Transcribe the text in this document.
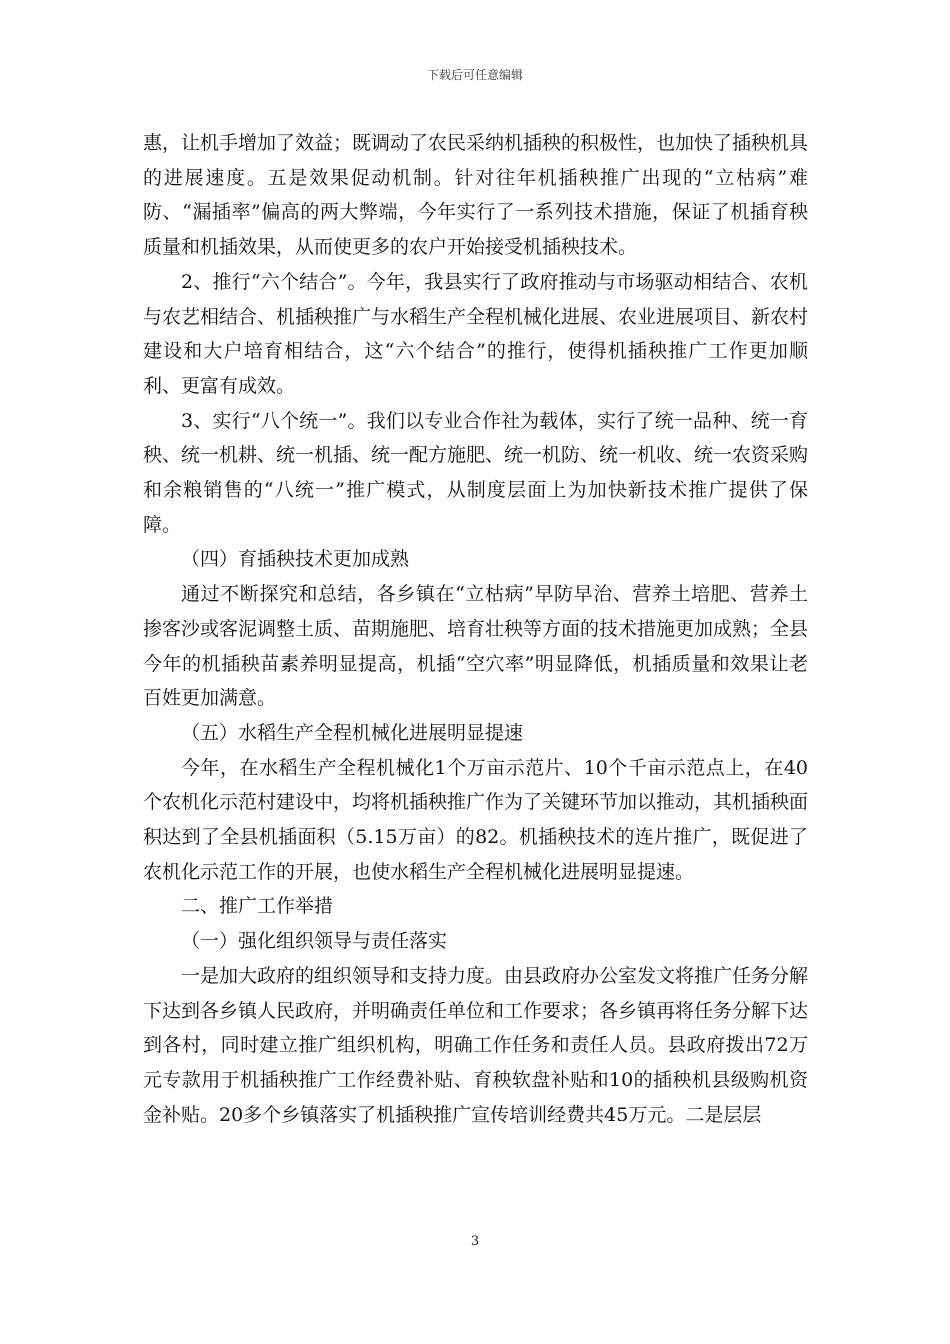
下载后可任意编辑

惠，让机手增加了效益；既调动了农民采纳机插秧的积极性，也加快了插秧机具的进展速度。五是效果促动机制。针对往年机插秧推广出现的“立枯病”难防、“漏插率”偏高的两大弊端，今年实行了一系列技术措施，保证了机插育秧质量和机插效果，从而使更多的农户开始接受机插秧技术。

2、推行“六个结合”。今年，我县实行了政府推动与市场驱动相结合、农机与农艺相结合、机插秧推广与水稻生产全程机械化进展、农业进展项目、新农村建设和大户培育相结合，这“六个结合”的推行，使得机插秧推广工作更加顺利、更富有成效。

3、实行“八个统一”。我们以专业合作社为载体，实行了统一品种、统一育秧、统一机耕、统一机插、统一配方施肥、统一机防、统一机收、统一农资采购和余粮销售的“八统一”推广模式，从制度层面上为加快新技术推广提供了保障。

（四）育插秧技术更加成熟

通过不断探究和总结，各乡镇在“立枯病”早防早治、营养土培肥、营养土掺客沙或客泥调整土质、苗期施肥、培育壮秧等方面的技术措施更加成熟；全县今年的机插秧苗素养明显提高，机插“空穴率”明显降低，机插质量和效果让老百姓更加满意。

（五）水稻生产全程机械化进展明显提速

今年，在水稻生产全程机械化1个万亩示范片、10个千亩示范点上，在40个农机化示范村建设中，均将机插秧推广作为了关键环节加以推动，其机插秧面积达到了全县机插面积（5.15万亩）的82。机插秧技术的连片推广，既促进了农机化示范工作的开展，也使水稻生产全程机械化进展明显提速。

二、推广工作举措

（一）强化组织领导与责任落实

一是加大政府的组织领导和支持力度。由县政府办公室发文将推广任务分解下达到各乡镇人民政府，并明确责任单位和工作要求；各乡镇再将任务分解下达到各村，同时建立推广组织机构，明确工作任务和责任人员。县政府拨出72万元专款用于机插秧推广工作经费补贴、育秧软盘补贴和10的插秧机县级购机资金补贴。20多个乡镇落实了机插秧推广宣传培训经费共45万元。二是层层

3
